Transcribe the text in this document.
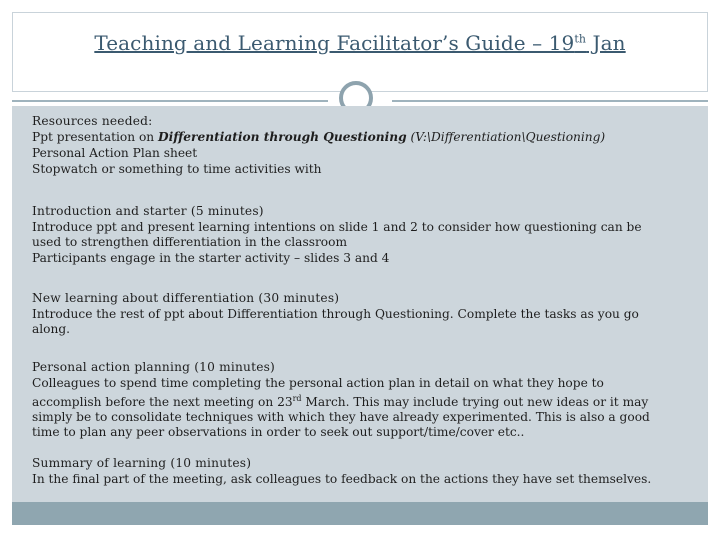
Teaching and Learning Facilitator’s Guide – 19th Jan
Resources needed:
Ppt presentation on Differentiation through Questioning (V:\Differentiation\Questioning)
Personal Action Plan sheet
Stopwatch or something to time activities with
Introduction and starter (5 minutes)
Introduce ppt and present learning intentions on slide 1 and 2 to consider how questioning can be
used to strengthen differentiation in the classroom
Participants engage in the starter activity – slides 3 and 4
New learning about differentiation (30 minutes)
Introduce the rest of ppt about Differentiation through Questioning. Complete the tasks as you go
along.
Personal action planning (10 minutes)
Colleagues to spend time completing the personal action plan in detail on what they hope to
accomplish before the next meeting on 23rd March. This may include trying out new ideas or it may
simply be to consolidate techniques with which they have already experimented. This is also a good
time to plan any peer observations in order to seek out support/time/cover etc..
Summary of learning (10 minutes)
In the final part of the meeting, ask colleagues to feedback on the actions they have set themselves.
